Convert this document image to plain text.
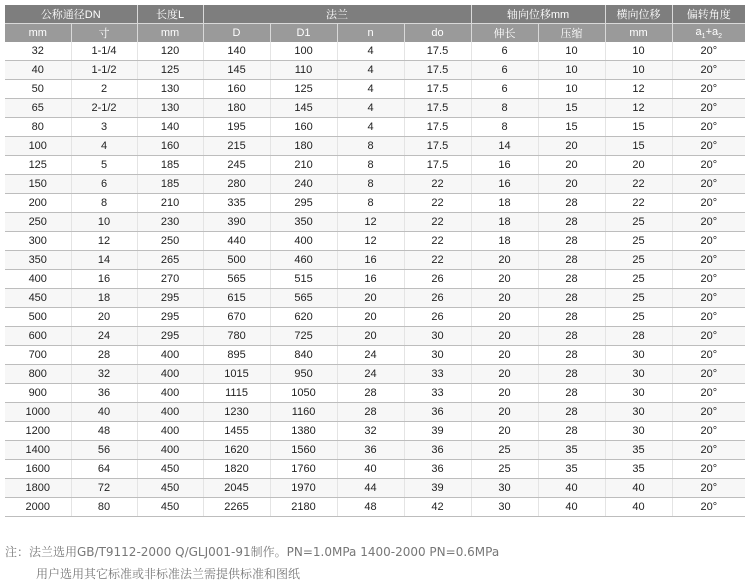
公称通径DN		长度L	法兰				轴向位移mm		横向位移	偏转角度
mm	寸	mm	D	D1	n	do	伸长	压缩	mm	$a_1+a_2$
32	1-1/4	120	140	100	4	17.5	6	10	10	20°
40	1-1/2	125	145	110	4	17.5	6	10	10	20°
50	2	130	160	125	4	17.5	6	10	12	20°
65	2-1/2	130	180	145	4	17.5	8	15	12	20°
80	3	140	195	160	4	17.5	8	15	15	20°
100	4	160	215	180	8	17.5	14	20	15	20°
125	5	185	245	210	8	17.5	16	20	20	20°
150	6	185	280	240	8	22	16	20	22	20°
200	8	210	335	295	8	22	18	28	22	20°
250	10	230	390	350	12	22	18	28	25	20°
300	12	250	440	400	12	22	18	28	25	20°
350	14	265	500	460	16	22	20	28	25	20°
400	16	270	565	515	16	26	20	28	25	20°
450	18	295	615	565	20	26	20	28	25	20°
500	20	295	670	620	20	26	20	28	25	20°
600	24	295	780	725	20	30	20	28	28	20°
700	28	400	895	840	24	30	20	28	30	20°
800	32	400	1015	950	24	33	20	28	30	20°
900	36	400	1115	1050	28	33	20	28	30	20°
1000	40	400	1230	1160	28	36	20	28	30	20°
1200	48	400	1455	1380	32	39	20	28	30	20°
1400	56	400	1620	1560	36	36	25	35	35	20°
1600	64	450	1820	1760	40	36	25	35	35	20°
1800	72	450	2045	1970	44	39	30	40	40	20°
2000	80	450	2265	2180	48	42	30	40	40	20°
注：法兰选用GB/T9112-2000 Q/GLJ001-91制作。PN=1.0MPa 1400-2000 PN=0.6MPa
用户选用其它标准或非标准法兰需提供标准和图纸
